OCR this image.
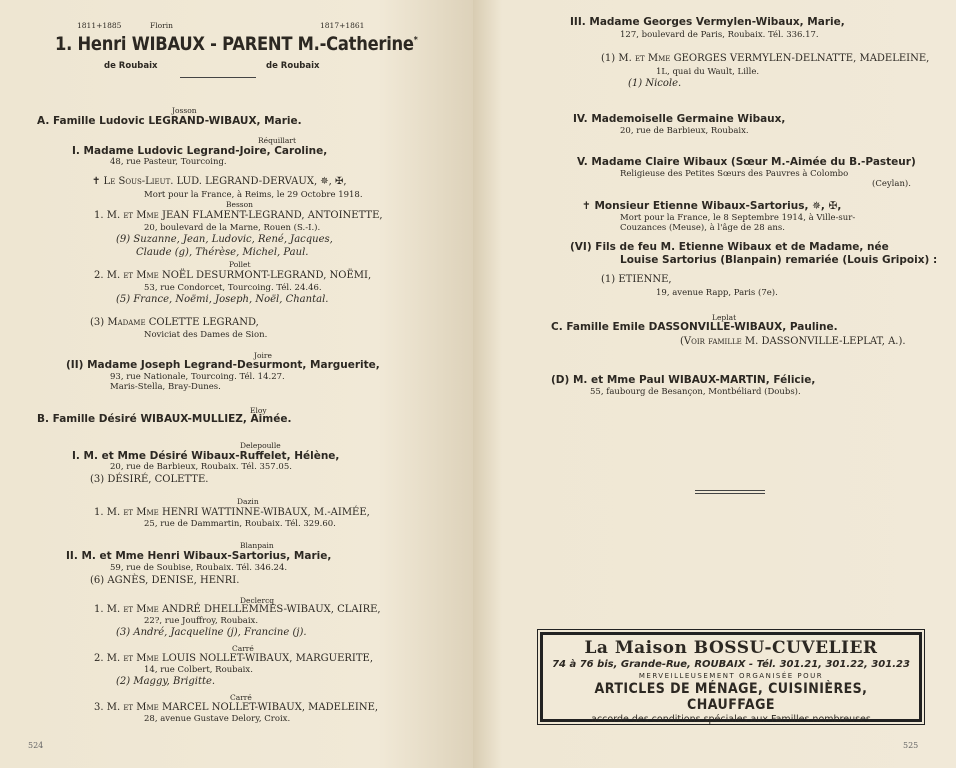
1811+1885	Florin	1817+1861
1. Henri WIBAUX - PARENT M.-Catherine*
de Roubaix	de Roubaix
Josson
A. Famille Ludovic LEGRAND-WIBAUX, Marie.
Réquillart
I. Madame Ludovic Legrand-Joire, Caroline,
48, rue Pasteur, Tourcoing.
✝ Le Sous-Lieut. LUD. LEGRAND-DERVAUX, ✵, ✠,
Mort pour la France, à Reims, le 29 Octobre 1918.
Besson
1. M. et Mme JEAN FLAMENT-LEGRAND, ANTOINETTE,
20, boulevard de la Marne, Rouen (S.-I.).
(9) Suzanne, Jean, Ludovic, René, Jacques,
Claude (g), Thérèse, Michel, Paul.
Pollet
2. M. et Mme NOËL DESURMONT-LEGRAND, NOËMI,
53, rue Condorcet, Tourcoing. Tél. 24.46.
(5) France, Noëmi, Joseph, Noël, Chantal.
(3) Madame COLETTE LEGRAND,
Noviciat des Dames de Sion.
Joire
(II) Madame Joseph Legrand-Desurmont, Marguerite,
93, rue Nationale, Tourcoing. Tél. 14.27.
Maris-Stella, Bray-Dunes.
Eloy
B. Famille Désiré WIBAUX-MULLIEZ, Aimée.
Delepoulle
I. M. et Mme Désiré Wibaux-Ruffelet, Hélène,
20, rue de Barbieux, Roubaix. Tél. 357.05.
(3) DÉSIRÉ, COLETTE.
Dazin
1. M. et Mme HENRI WATTINNE-WIBAUX, M.-AIMÉE,
25, rue de Dammartin, Roubaix. Tél. 329.60.
Blanpain
II. M. et Mme Henri Wibaux-Sartorius, Marie,
59, rue de Soubise, Roubaix. Tél. 346.24.
(6) AGNÈS, DENISE, HENRI.
Declercq
1. M. et Mme ANDRÉ DHELLEMMES-WIBAUX, CLAIRE,
22?, rue Jouffroy, Roubaix.
(3) André, Jacqueline (j), Francine (j).
Carré
2. M. et Mme LOUIS NOLLET-WIBAUX, MARGUERITE,
14, rue Colbert, Roubaix.
(2) Maggy, Brigitte.
Carré
3. M. et Mme MARCEL NOLLET-WIBAUX, MADELEINE,
28, avenue Gustave Delory, Croix.
524
III. Madame Georges Vermylen-Wibaux, Marie,
127, boulevard de Paris, Roubaix. Tél. 336.17.
(1) M. et Mme GEORGES VERMYLEN-DELNATTE, MADELEINE,
1L, quai du Wault, Lille.
(1) Nicole.
IV. Mademoiselle Germaine Wibaux,
20, rue de Barbieux, Roubaix.
V. Madame Claire Wibaux (Sœur M.-Aimée du B.-Pasteur)
Religieuse des Petites Sœurs des Pauvres à Colombo
(Ceylan).
✝ Monsieur Etienne Wibaux-Sartorius, ✵, ✠,
Mort pour la France, le 8 Septembre 1914, à Ville-sur-
Couzances (Meuse), à l'âge de 28 ans.
(VI) Fils de feu M. Etienne Wibaux et de Madame, née
Louise Sartorius (Blanpain) remariée (Louis Gripoix) :
(1) ETIENNE,
19, avenue Rapp, Paris (7e).
Leplat
C. Famille Emile DASSONVILLE-WIBAUX, Pauline.
(Voir famille M. DASSONVILLE-LEPLAT, A.).
(D) M. et Mme Paul WIBAUX-MARTIN, Félicie,
55, faubourg de Besançon, Montbéliard (Doubs).
La Maison BOSSU-CUVELIER
74 à 76 bis, Grande-Rue, ROUBAIX - Tél. 301.21, 301.22, 301.23
MERVEILLEUSEMENT ORGANISÉE POUR
ARTICLES DE MÉNAGE, CUISINIÈRES, CHAUFFAGE
accorde des conditions spéciales aux Familles nombreuses
525
